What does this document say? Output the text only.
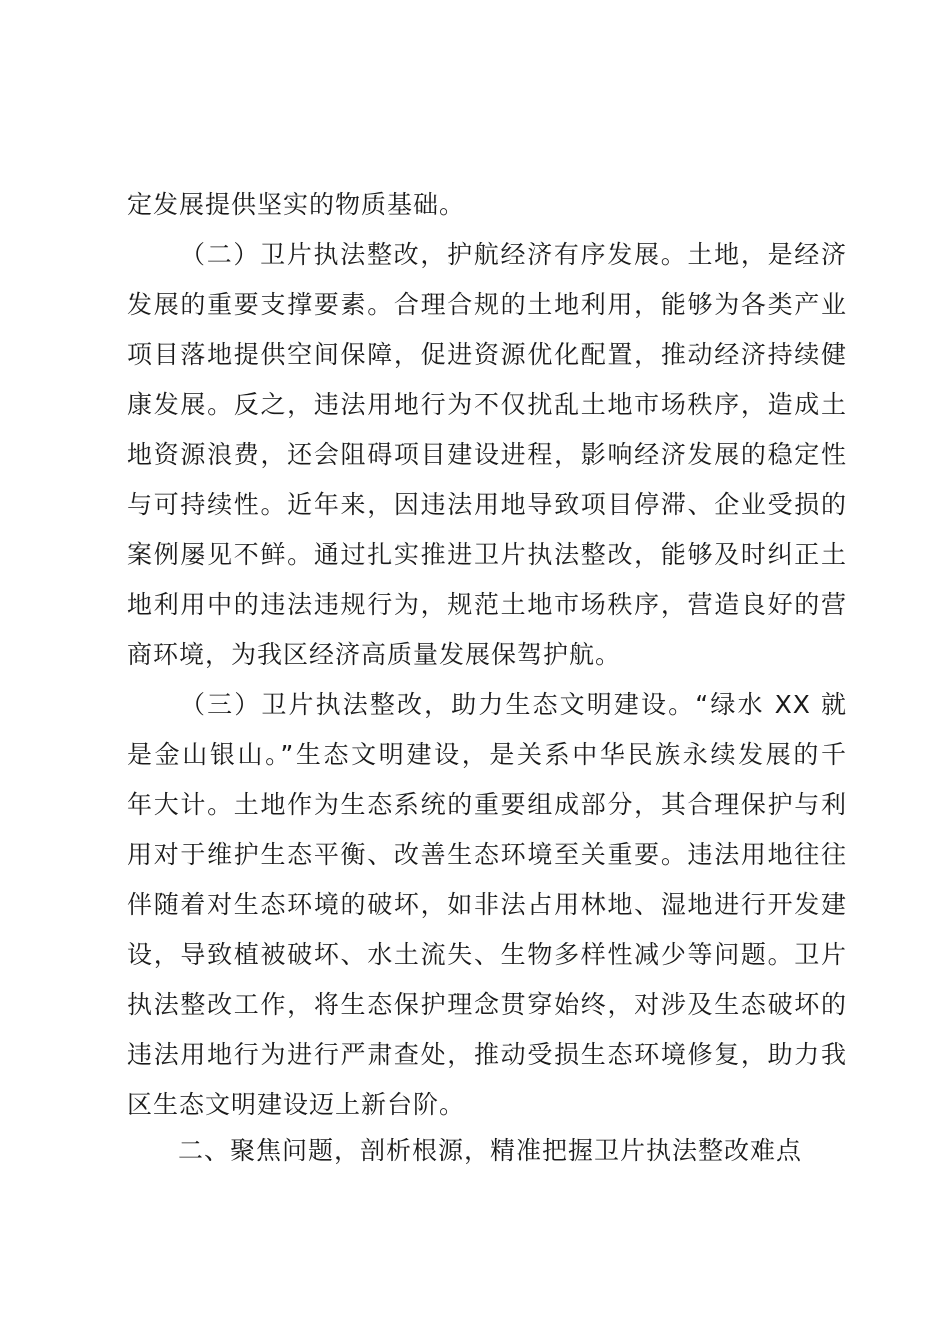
定发展提供坚实的物质基础。
（二）卫片执法整改，护航经济有序发展。土地，是经济
发展的重要支撑要素。合理合规的土地利用，能够为各类产业
项目落地提供空间保障，促进资源优化配置，推动经济持续健
康发展。反之，违法用地行为不仅扰乱土地市场秩序，造成土
地资源浪费，还会阻碍项目建设进程，影响经济发展的稳定性
与可持续性。近年来，因违法用地导致项目停滞、企业受损的
案例屡见不鲜。通过扎实推进卫片执法整改，能够及时纠正土
地利用中的违法违规行为，规范土地市场秩序，营造良好的营
商环境，为我区经济高质量发展保驾护航。
（三）卫片执法整改，助力生态文明建设。“绿水 XX 就
是金山银山。”生态文明建设，是关系中华民族永续发展的千
年大计。土地作为生态系统的重要组成部分，其合理保护与利
用对于维护生态平衡、改善生态环境至关重要。违法用地往往
伴随着对生态环境的破坏，如非法占用林地、湿地进行开发建
设，导致植被破坏、水土流失、生物多样性减少等问题。卫片
执法整改工作，将生态保护理念贯穿始终，对涉及生态破坏的
违法用地行为进行严肃查处，推动受损生态环境修复，助力我
区生态文明建设迈上新台阶。
二、聚焦问题，剖析根源，精准把握卫片执法整改难点
